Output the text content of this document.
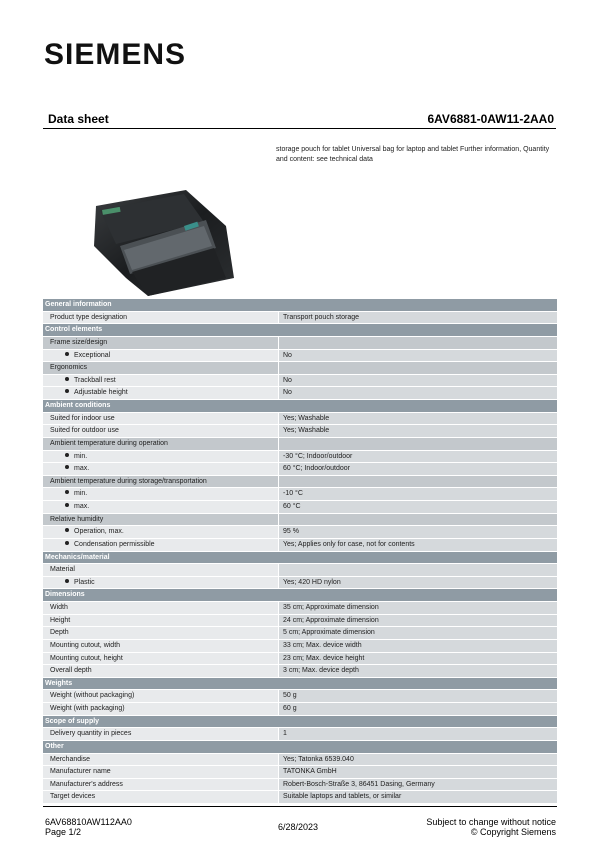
SIEMENS
Data sheet	6AV6881-0AW11-2AA0
storage pouch for tablet Universal bag for laptop and tablet Further information, Quantity and content: see technical data
General information
Product type designation	Transport pouch storage
Control elements
Frame size/design
Exceptional	No
Ergonomics
Trackball rest	No
Adjustable height	No
Ambient conditions
Suited for indoor use	Yes; Washable
Suited for outdoor use	Yes; Washable
Ambient temperature during operation
min.	-30 °C; Indoor/outdoor
max.	60 °C; Indoor/outdoor
Ambient temperature during storage/transportation
min.	-10 °C
max.	60 °C
Relative humidity
Operation, max.	95 %
Condensation permissible	Yes; Applies only for case, not for contents
Mechanics/material
Material
Plastic	Yes; 420 HD nylon
Dimensions
Width	35 cm; Approximate dimension
Height	24 cm; Approximate dimension
Depth	5 cm; Approximate dimension
Mounting cutout, width	33 cm; Max. device width
Mounting cutout, height	23 cm; Max. device height
Overall depth	3 cm; Max. device depth
Weights
Weight (without packaging)	50 g
Weight (with packaging)	60 g
Scope of supply
Delivery quantity in pieces	1
Other
Merchandise	Yes; Tatonka 6539.040
Manufacturer name	TATONKA GmbH
Manufacturer's address	Robert-Bosch-Straße 3, 86451 Dasing, Germany
Target devices	Suitable laptops and tablets, or similar
6AV68810AW112AA0
Page 1/2	6/28/2023	Subject to change without notice
© Copyright Siemens
